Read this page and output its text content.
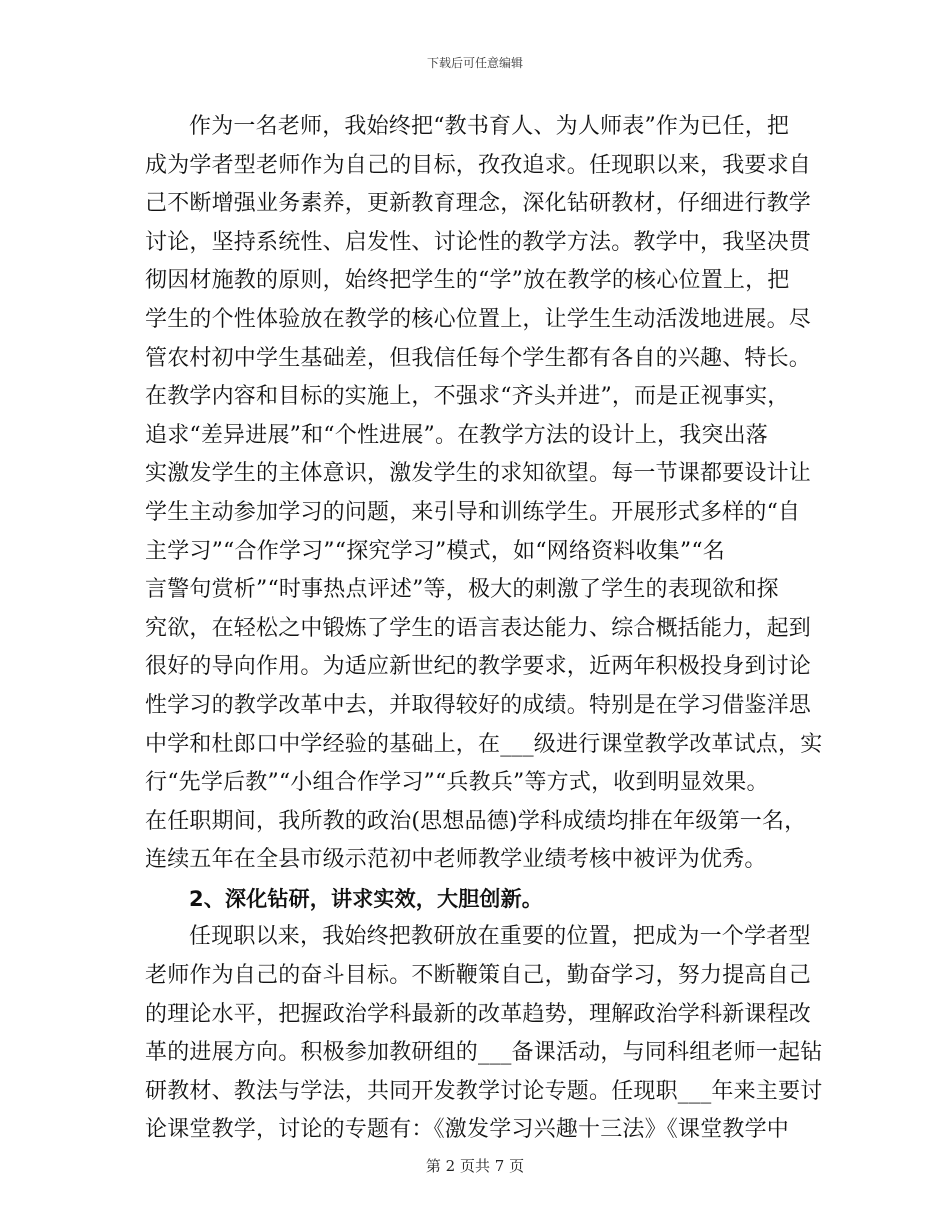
下载后可任意编辑
作为一名老师，我始终把“教书育人、为人师表”作为已任，把
成为学者型老师作为自己的目标，孜孜追求。任现职以来，我要求自
己不断增强业务素养，更新教育理念，深化钻研教材，仔细进行教学
讨论，坚持系统性、启发性、讨论性的教学方法。教学中，我坚决贯
彻因材施教的原则，始终把学生的“学”放在教学的核心位置上，把
学生的个性体验放在教学的核心位置上，让学生生动活泼地进展。尽
管农村初中学生基础差，但我信任每个学生都有各自的兴趣、特长。
在教学内容和目标的实施上，不强求“齐头并进”，而是正视事实，
追求“差异进展”和“个性进展”。在教学方法的设计上，我突出落
实激发学生的主体意识，激发学生的求知欲望。每一节课都要设计让
学生主动参加学习的问题，来引导和训练学生。开展形式多样的“自
主学习”“合作学习”“探究学习”模式，如“网络资料收集”“名
言警句赏析”“时事热点评述”等，极大的刺激了学生的表现欲和探
究欲，在轻松之中锻炼了学生的语言表达能力、综合概括能力，起到
很好的导向作用。为适应新世纪的教学要求，近两年积极投身到讨论
性学习的教学改革中去，并取得较好的成绩。特别是在学习借鉴洋思
中学和杜郎口中学经验的基础上，在___级进行课堂教学改革试点，实
行“先学后教”“小组合作学习”“兵教兵”等方式，收到明显效果。
在任职期间，我所教的政治(思想品德)学科成绩均排在年级第一名，
连续五年在全县市级示范初中老师教学业绩考核中被评为优秀。
2、深化钻研，讲求实效，大胆创新。
任现职以来，我始终把教研放在重要的位置，把成为一个学者型
老师作为自己的奋斗目标。不断鞭策自己，勤奋学习，努力提高自己
的理论水平，把握政治学科最新的改革趋势，理解政治学科新课程改
革的进展方向。积极参加教研组的___备课活动，与同科组老师一起钻
研教材、教法与学法，共同开发教学讨论专题。任现职___年来主要讨
论课堂教学，讨论的专题有：《激发学习兴趣十三法》《课堂教学中
第 2 页共 7 页
